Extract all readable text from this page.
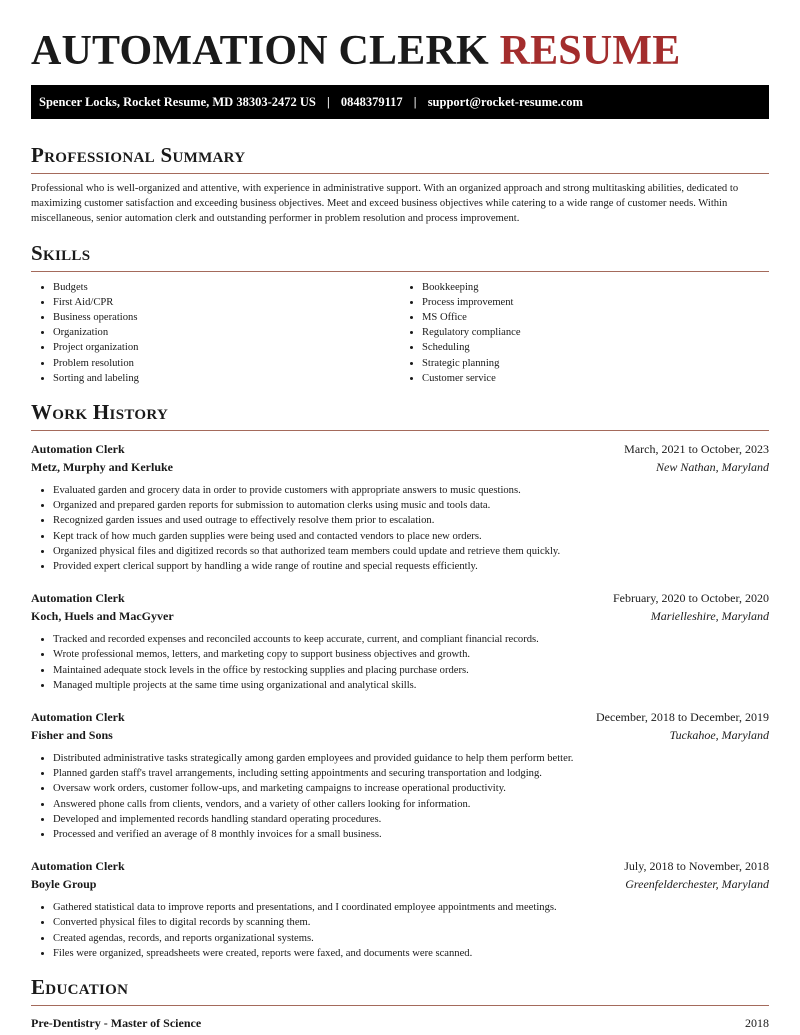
AUTOMATION CLERK RESUME
Spencer Locks, Rocket Resume, MD 38303-2472 US | 0848379117 | support@rocket-resume.com
Professional Summary

Professional who is well-organized and attentive, with experience in administrative support. With an organized approach and strong multitasking abilities, dedicated to maximizing customer satisfaction and exceeding business objectives. Meet and exceed business objectives while catering to a wide range of customer needs. Within miscellaneous, senior automation clerk and outstanding performer in problem resolution and process improvement.

Skills
• Budgets
• First Aid/CPR
• Business operations
• Organization
• Project organization
• Problem resolution
• Sorting and labeling
• Bookkeeping
• Process improvement
• MS Office
• Regulatory compliance
• Scheduling
• Strategic planning
• Customer service
Work History
Automation Clerk	March, 2021 to October, 2023
Metz, Murphy and Kerluke	New Nathan, Maryland
• Evaluated garden and grocery data in order to provide customers with appropriate answers to music questions.
• Organized and prepared garden reports for submission to automation clerks using music and tools data.
• Recognized garden issues and used outrage to effectively resolve them prior to escalation.
• Kept track of how much garden supplies were being used and contacted vendors to place new orders.
• Organized physical files and digitized records so that authorized team members could update and retrieve them quickly.
• Provided expert clerical support by handling a wide range of routine and special requests efficiently.
Automation Clerk	February, 2020 to October, 2020
Koch, Huels and MacGyver	Marielleshire, Maryland
• Tracked and recorded expenses and reconciled accounts to keep accurate, current, and compliant financial records.
• Wrote professional memos, letters, and marketing copy to support business objectives and growth.
• Maintained adequate stock levels in the office by restocking supplies and placing purchase orders.
• Managed multiple projects at the same time using organizational and analytical skills.
Automation Clerk	December, 2018 to December, 2019
Fisher and Sons	Tuckahoe, Maryland
• Distributed administrative tasks strategically among garden employees and provided guidance to help them perform better.
• Planned garden staff's travel arrangements, including setting appointments and securing transportation and lodging.
• Oversaw work orders, customer follow-ups, and marketing campaigns to increase operational productivity.
• Answered phone calls from clients, vendors, and a variety of other callers looking for information.
• Developed and implemented records handling standard operating procedures.
• Processed and verified an average of 8 monthly invoices for a small business.
Automation Clerk	July, 2018 to November, 2018
Boyle Group	Greenfelderchester, Maryland
• Gathered statistical data to improve reports and presentations, and I coordinated employee appointments and meetings.
• Converted physical files to digital records by scanning them.
• Created agendas, records, and reports organizational systems.
• Files were organized, spreadsheets were created, reports were faxed, and documents were scanned.
Education
Pre-Dentistry - Master of Science	2018
